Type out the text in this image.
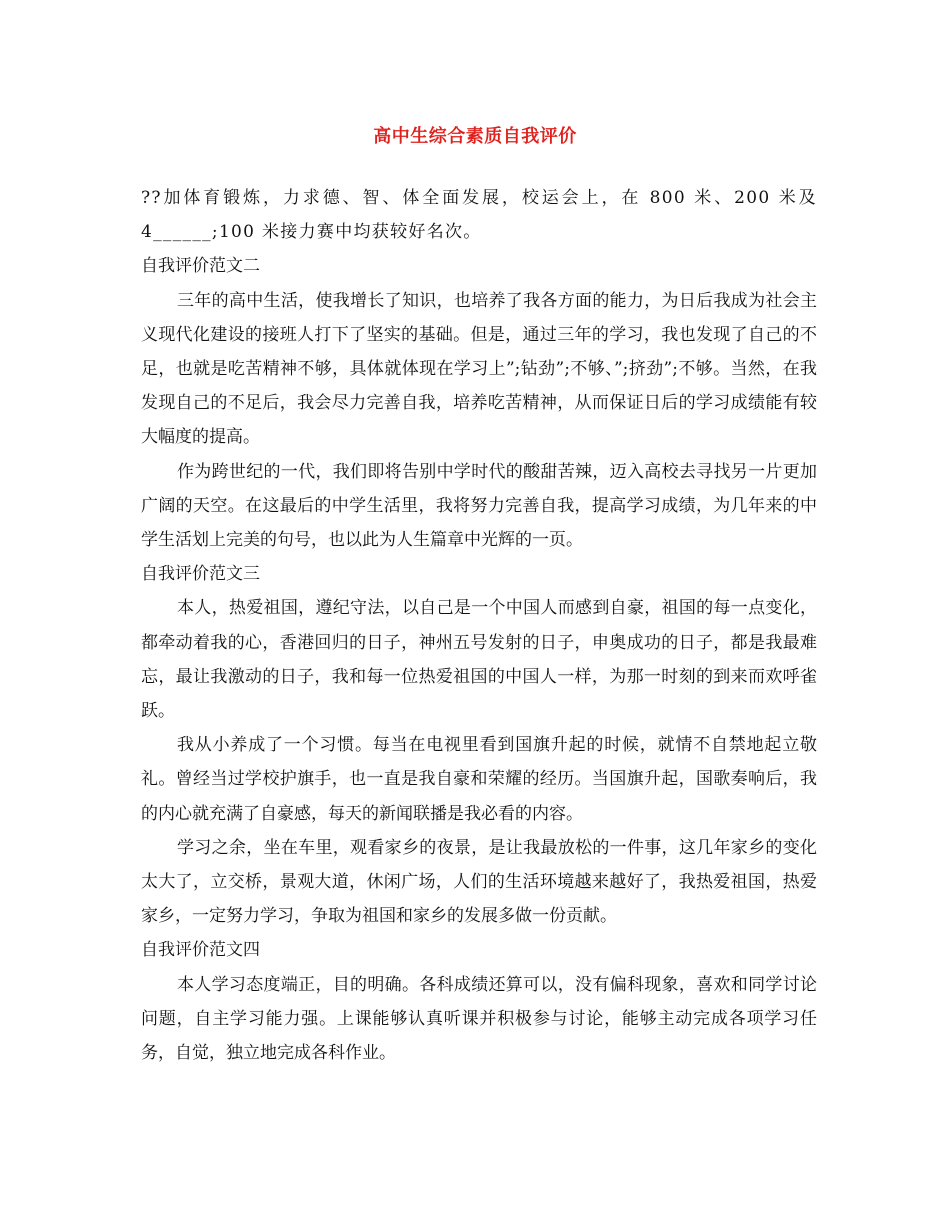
高中生综合素质自我评价

??加体育锻炼，力求德、智、体全面发展，校运会上，在 800 米、200 米及 4______;100 米接力赛中均获较好名次。

自我评价范文二

三年的高中生活，使我增长了知识，也培养了我各方面的能力，为日后我成为社会主义现代化建设的接班人打下了坚实的基础。但是，通过三年的学习，我也发现了自己的不足，也就是吃苦精神不够，具体就体现在学习上”;钻劲”;不够、”;挤劲”;不够。当然，在我发现自己的不足后，我会尽力完善自我，培养吃苦精神，从而保证日后的学习成绩能有较大幅度的提高。

作为跨世纪的一代，我们即将告别中学时代的酸甜苦辣，迈入高校去寻找另一片更加广阔的天空。在这最后的中学生活里，我将努力完善自我，提高学习成绩，为几年来的中学生活划上完美的句号，也以此为人生篇章中光辉的一页。

自我评价范文三

本人，热爱祖国，遵纪守法，以自己是一个中国人而感到自豪，祖国的每一点变化，都牵动着我的心，香港回归的日子，神州五号发射的日子，申奥成功的日子，都是我最难忘，最让我激动的日子，我和每一位热爱祖国的中国人一样，为那一时刻的到来而欢呼雀跃。

我从小养成了一个习惯。每当在电视里看到国旗升起的时候，就情不自禁地起立敬礼。曾经当过学校护旗手，也一直是我自豪和荣耀的经历。当国旗升起，国歌奏响后，我的内心就充满了自豪感，每天的新闻联播是我必看的内容。

学习之余，坐在车里，观看家乡的夜景，是让我最放松的一件事，这几年家乡的变化太大了，立交桥，景观大道，休闲广场，人们的生活环境越来越好了，我热爱祖国，热爱家乡，一定努力学习，争取为祖国和家乡的发展多做一份贡献。

自我评价范文四

本人学习态度端正，目的明确。各科成绩还算可以，没有偏科现象，喜欢和同学讨论问题，自主学习能力强。上课能够认真听课并积极参与讨论，能够主动完成各项学习任务，自觉，独立地完成各科作业。
